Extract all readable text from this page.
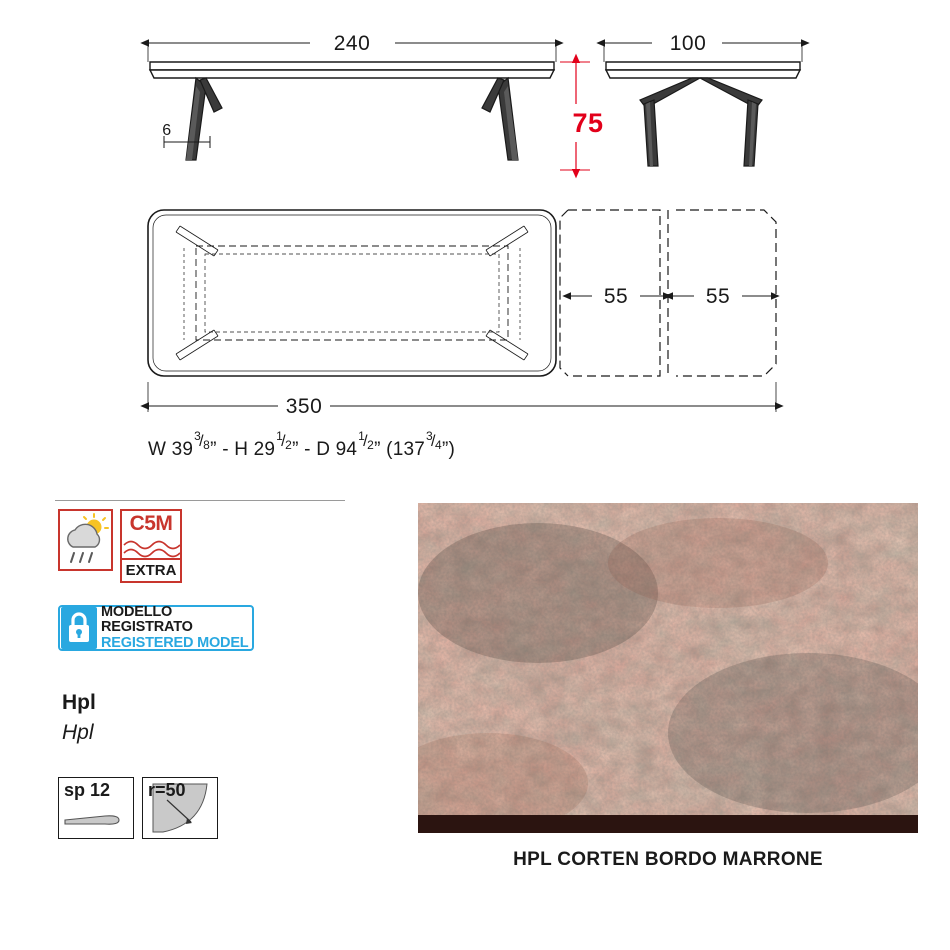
240
6
100
75
55	55
350
W 39
3
/ 8 ” - H 29
1
/ 2 ” - D 94
1
/ 2 ” (137
3
/ 4 ”)
C5M
EXTRA
MODELLO REGISTRATO
REGISTERED MODEL
Hpl
Hpl
sp 12 r=50
HPL CORTEN BORDO MARRONE
